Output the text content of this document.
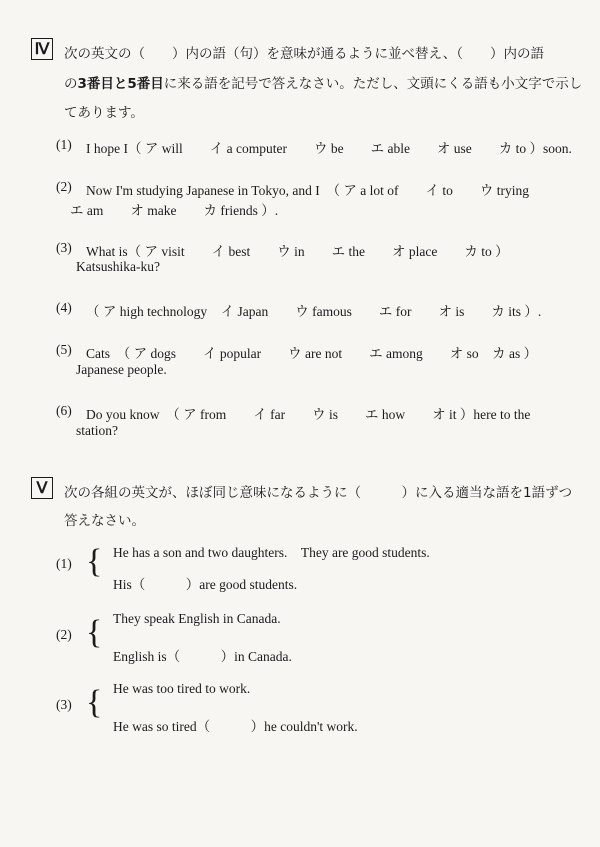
Ⅳ 次の英文の（　　）内の語（句）を意味が通るように並べ替え、（　　）内の語
の3番目と5番目に来る語を記号で答えなさい。ただし、文頭にくる語も小文字で示し
てあります。
(1) I hope I（ ア will　　イ a computer　　ウ be　　エ able　　オ use　　カ to ）soon.
(2) Now I'm studying Japanese in Tokyo, and I　（ ア a lot of　　イ to　　ウ trying
エ am　　オ make　　カ friends ）.
(3) What is（ ア visit　　イ best　　ウ in　　エ the　　オ place　　カ to ）
Katsushika-ku?
(4) （ ア high technology　イ Japan　　ウ famous　　エ for　　オ is　　カ its ）.
(5) Cats　（ ア dogs　　イ popular　　ウ are not　　エ among　　オ so　カ as ）
Japanese people.
(6) Do you know　（ ア from　　イ far　　ウ is　　エ how　　オ it ）here to the
station?
Ⅴ	次の各組の英文が、ほぼ同じ意味になるように（　　　）に入る適当な語を1語ずつ
答えなさい。
(1) { He has a son and two daughters.　They are good students.
His（　　　）are good students.
(2) { They speak English in Canada.
English is（　　　）in Canada.
(3) { He was too tired to work.
He was so tired（　　　）he couldn't work.
